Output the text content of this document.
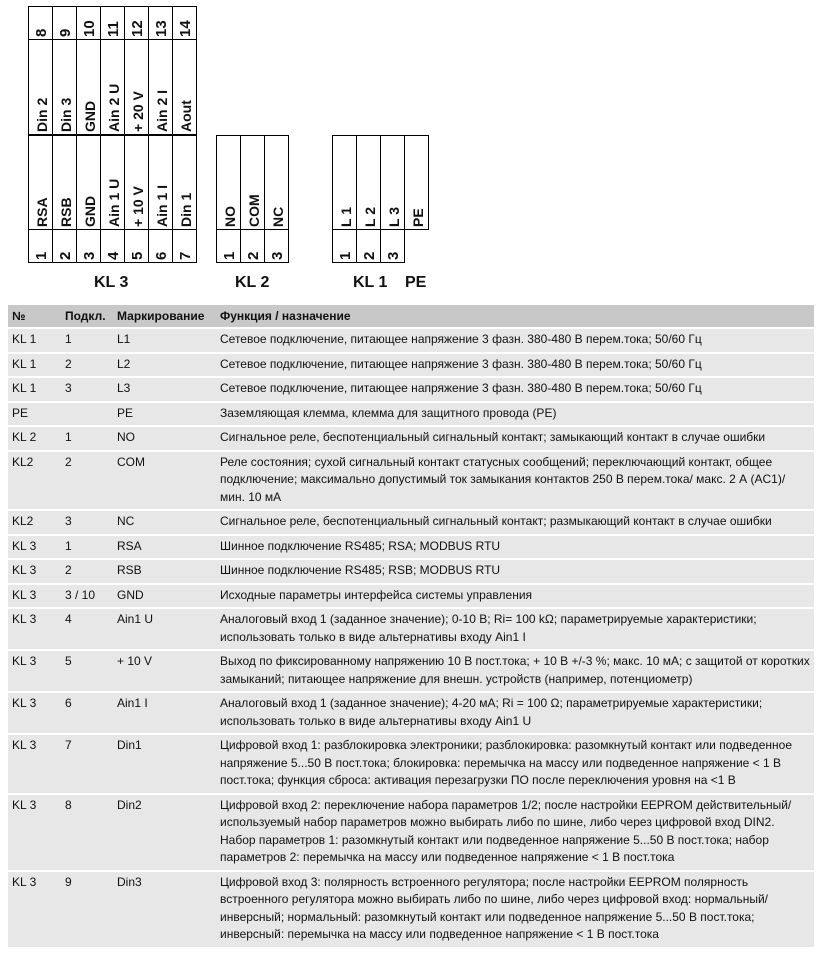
8
Din 2
RSA
1
9
Din 3
RSB
2
10
GND
GND
3
11
Ain 2 U
Ain 1 U
4
12
+ 20 V
+ 10 V
5
13
Ain 2 I
Ain 1 I
6
14
Aout
Din 1
7
NO
1
COM
2
NC
3
L 1
1
L 2
2
L 3
3
PE
KL 3	KL 2	KL 1 PE
№	Подкл.	Маркирование	Функция / назначение
KL 1	1	L1	Сетевое подключение, питающее напряжение 3 фазн. 380-480 В перем.тока; 50/60 Гц
KL 1	2	L2	Сетевое подключение, питающее напряжение 3 фазн. 380-480 В перем.тока; 50/60 Гц
KL 1	3	L3	Сетевое подключение, питающее напряжение 3 фазн. 380-480 В перем.тока; 50/60 Гц
PE		PE	Заземляющая клемма, клемма для защитного провода (PE)
KL 2	1	NO	Сигнальное реле, беспотенциальный сигнальный контакт; замыкающий контакт в случае ошибки
KL2	2	COM	Реле состояния; сухой сигнальный контакт статусных сообщений; переключающий контакт, общее подключение; максимально допустимый ток замыкания контактов 250 В перем.тока/ макс. 2 А (AC1)/мин. 10 мА
KL2	3	NC	Сигнальное реле, беспотенциальный сигнальный контакт; размыкающий контакт в случае ошибки
KL 3	1	RSA	Шинное подключение RS485; RSA; MODBUS RTU
KL 3	2	RSB	Шинное подключение RS485; RSB; MODBUS RTU
KL 3	3 / 10	GND	Исходные параметры интерфейса системы управления
KL 3	4	Ain1 U	Аналоговый вход 1 (заданное значение); 0-10 В; Ri= 100 kΩ; параметрируемые характеристики; использовать только в виде альтернативы входу Ain1 I
KL 3	5	+ 10 V	Выход по фиксированному напряжению 10 В пост.тока; + 10 В +/-3 %; макс. 10 мА; с защитой от коротких замыканий; питающее напряжение для внешн. устройств (например, потенциометр)
KL 3	6	Ain1 I	Аналоговый вход 1 (заданное значение); 4-20 мА; Ri = 100 Ω; параметрируемые характеристики; использовать только в виде альтернативы входу Ain1 U
KL 3	7	Din1	Цифровой вход 1: разблокировка электроники; разблокировка: разомкнутый контакт или подведенное напряжение 5...50 В пост.тока; блокировка: перемычка на массу или подведенное напряжение < 1 В пост.тока; функция сброса: активация перезагрузки ПО после переключения уровня на <1 В
KL 3	8	Din2	Цифровой вход 2: переключение набора параметров 1/2; после настройки EEPROM действительный/используемый набор параметров можно выбирать либо по шине, либо через цифровой вход DIN2. Набор параметров 1: разомкнутый контакт или подведенное напряжение 5...50 В пост.тока; набор параметров 2: перемычка на массу или подведенное напряжение < 1 В пост.тока
KL 3	9	Din3	Цифровой вход 3: полярность встроенного регулятора; после настройки EEPROM полярность встроенного регулятора можно выбирать либо по шине, либо через цифровой вход: нормальный/инверсный; нормальный: разомкнутый контакт или подведенное напряжение 5...50 В пост.тока; инверсный: перемычка на массу или подведенное напряжение < 1 В пост.тока
